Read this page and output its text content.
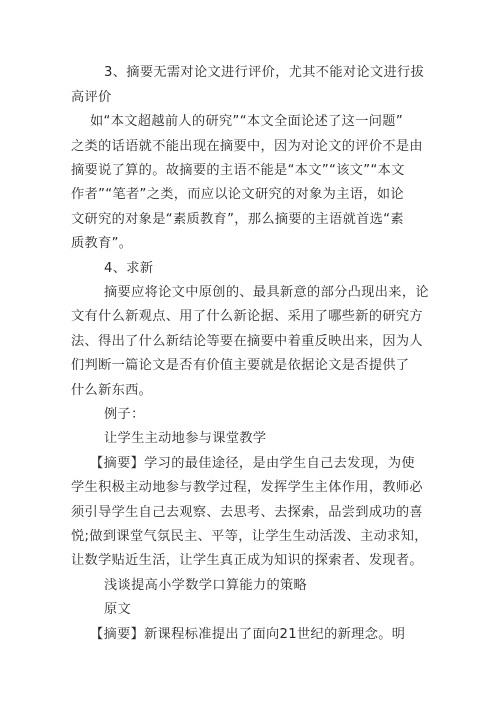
3、摘要无需对论文进行评价，尤其不能对论文进行拔
高评价
如“本文超越前人的研究”“本文全面论述了这一问题”
之类的话语就不能出现在摘要中，因为对论文的评价不是由
摘要说了算的。故摘要的主语不能是“本文”“该文”“本文
作者”“笔者”之类，而应以论文研究的对象为主语，如论
文研究的对象是“素质教育”，那么摘要的主语就首选“素
质教育”。
4、求新
摘要应将论文中原创的、最具新意的部分凸现出来，论
文有什么新观点、用了什么新论据、采用了哪些新的研究方
法、得出了什么新结论等要在摘要中着重反映出来，因为人
们判断一篇论文是否有价值主要就是依据论文是否提供了
什么新东西。
例子：
让学生主动地参与课堂教学
【摘要】学习的最佳途径，是由学生自己去发现，为使
学生积极主动地参与教学过程，发挥学生主体作用，教师必
须引导学生自己去观察、去思考、去探索，品尝到成功的喜
悦;做到课堂气氛民主、平等，让学生生动活泼、主动求知，
让数学贴近生活，让学生真正成为知识的探索者、发现者。
浅谈提高小学数学口算能力的策略
原文
【摘要】新课程标准提出了面向21世纪的新理念。明
